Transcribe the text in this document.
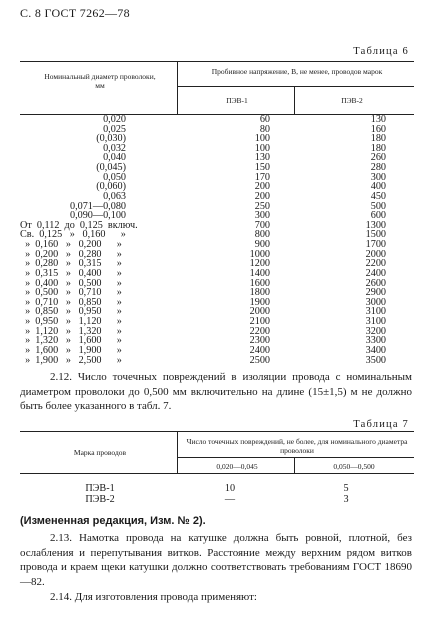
С. 8 ГОСТ 7262—78
Таблица 6
Номинальный диаметр проволоки, мм
Пробивное напряжение, В, не менее, проводов марок
ПЭВ-1	ПЭВ-2
0,020	60	130
0,025	80	160
(0,030)	100	180
0,032	100	180
0,040	130	260
(0,045)	150	280
0,050	170	300
(0,060)	200	400
0,063	200	450
0,071—0,080	250	500
0,090—0,100	300	600
От  0,112  до  0,125  включ.	700	1300
Св.  0,125   »   0,160      »	800	1500
»  0,160   »   0,200      »	900	1700
»  0,200   »   0,280      »	1000	2000
»  0,280   »   0,315      »	1200	2200
»  0,315   »   0,400      »	1400	2400
»  0,400   »   0,500      »	1600	2600
»  0,500   »   0,710      »	1800	2900
»  0,710   »   0,850      »	1900	3000
»  0,850   »   0,950      »	2000	3100
»  0,950   »   1,120      »	2100	3100
»  1,120   »   1,320      »	2200	3200
»  1,320   »   1,600      »	2300	3300
»  1,600   »   1,900      »	2400	3400
»  1,900   »   2,500      »	2500	3500
2.12. Число точечных повреждений в изоляции провода с номинальным диаметром проволоки до 0,500 мм включительно на длине (15±1,5) м не должно быть более указанного в табл. 7.
Таблица 7
Марка проводов
Число точечных повреждений, не более, для номинального диаметра проволоки
0,020—0,045	0,050—0,500
ПЭВ-1	10	5
ПЭВ-2	—	3
(Измененная редакция, Изм. № 2).
2.13. Намотка провода на катушке должна быть ровной, плотной, без ослабления и перепутывания витков. Расстояние между верхним рядом витков провода и краем щеки катушки должно соответствовать требованиям ГОСТ 18690—82.
2.14. Для изготовления провода применяют:
